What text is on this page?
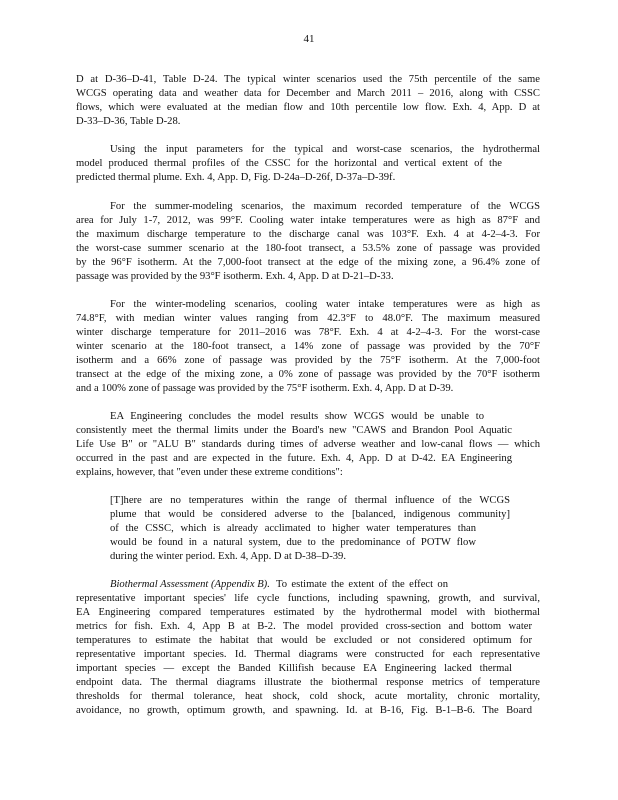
41
D at D-36–D-41, Table D-24. The typical winter scenarios used the 75th percentile of the same
WCGS operating data and weather data for December and March 2011 – 2016, along with CSSC
flows, which were evaluated at the median flow and 10th percentile low flow. Exh. 4, App. D at
D-33–D-36, Table D-28.
Using the input parameters for the typical and worst-case scenarios, the hydrothermal
model produced thermal profiles of the CSSC for the horizontal and vertical extent of the
predicted thermal plume. Exh. 4, App. D, Fig. D-24a–D-26f, D-37a–D-39f.
For the summer-modeling scenarios, the maximum recorded temperature of the WCGS
area for July 1-7, 2012, was 99°F. Cooling water intake temperatures were as high as 87°F and
the maximum discharge temperature to the discharge canal was 103°F. Exh. 4 at 4-2–4-3. For
the worst-case summer scenario at the 180-foot transect, a 53.5% zone of passage was provided
by the 96°F isotherm. At the 7,000-foot transect at the edge of the mixing zone, a 96.4% zone of
passage was provided by the 93°F isotherm. Exh. 4, App. D at D-21–D-33.
For the winter-modeling scenarios, cooling water intake temperatures were as high as
74.8°F, with median winter values ranging from 42.3°F to 48.0°F. The maximum measured
winter discharge temperature for 2011–2016 was 78°F. Exh. 4 at 4-2–4-3. For the worst-case
winter scenario at the 180-foot transect, a 14% zone of passage was provided by the 70°F
isotherm and a 66% zone of passage was provided by the 75°F isotherm. At the 7,000-foot
transect at the edge of the mixing zone, a 0% zone of passage was provided by the 70°F isotherm
and a 100% zone of passage was provided by the 75°F isotherm. Exh. 4, App. D at D-39.
EA Engineering concludes the model results show WCGS would be unable to
consistently meet the thermal limits under the Board's new "CAWS and Brandon Pool Aquatic
Life Use B" or "ALU B" standards during times of adverse weather and low-canal flows — which
occurred in the past and are expected in the future. Exh. 4, App. D at D-42. EA Engineering
explains, however, that "even under these extreme conditions":
[T]here are no temperatures within the range of thermal influence of the WCGS
plume that would be considered adverse to the [balanced, indigenous community]
of the CSSC, which is already acclimated to higher water temperatures than
would be found in a natural system, due to the predominance of POTW flow
during the winter period. Exh. 4, App. D at D-38–D-39.
Biothermal Assessment (Appendix B). To estimate the extent of the effect on
representative important species' life cycle functions, including spawning, growth, and survival,
EA Engineering compared temperatures estimated by the hydrothermal model with biothermal
metrics for fish. Exh. 4, App B at B-2. The model provided cross-section and bottom water
temperatures to estimate the habitat that would be excluded or not considered optimum for
representative important species. Id. Thermal diagrams were constructed for each representative
important species — except the Banded Killifish because EA Engineering lacked thermal
endpoint data. The thermal diagrams illustrate the biothermal response metrics of temperature
thresholds for thermal tolerance, heat shock, cold shock, acute mortality, chronic mortality,
avoidance, no growth, optimum growth, and spawning. Id. at B-16, Fig. B-1–B-6. The Board
